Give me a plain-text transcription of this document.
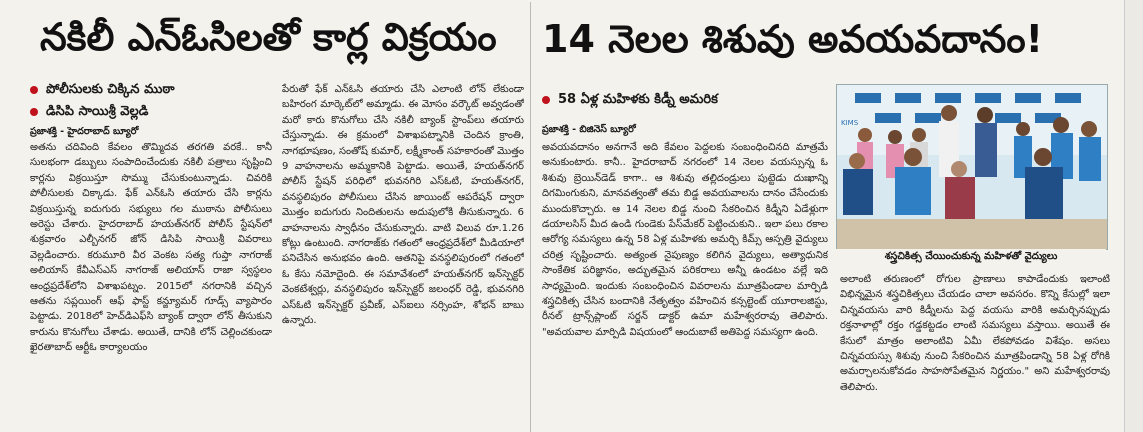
నకిలీ ఎన్‌ఓసిలతో కార్ల విక్రయం
పోలీసులకు చిక్కిన ముఠా
డిసిపి సాయిశ్రీ వెల్లడి
ప్రజాశక్తి - హైదరాబాద్ బ్యూరో

అతను చదివింది కేవలం తొమ్మిదవ తరగతి వరకే.. కానీ సులభంగా డబ్బులు సంపాదించేందుకు నకిలీ పత్రాలు సృష్టించి కార్లను విక్రయిస్తూ సొమ్ము చేసుకుంటున్నాడు. చివరికి పోలీసులకు చిక్కాడు. ఫేక్ ఎన్‌ఓసి తయారు చేసి కార్లను విక్రయిస్తున్న ఐదుగురు సభ్యులు గల ముఠాను పోలీసులు అరెస్టు చేశారు. హైదరాబాద్ హయత్‌నగర్ పోలీస్ స్టేషన్‌లో శుక్రవారం ఎల్బీనగర్ జోన్ డిసిపి సాయిశ్రీ వివరాలు వెల్లడించారు. కరుమూరి వీర వెంకట సత్య గుప్తా నాగరాజ్ అలియాస్ కేవీఎస్ఎస్ నాగరాజ్ అలియాస్ రాజా స్వస్థలం ఆంధ్రప్రదేశ్‌లోని విశాఖపట్నం. 2015లో నగరానికి వచ్చిన ఆతను సప్లయింగ్ ఆఫ్ ఫాస్ట్ కన్జ్యూమర్ గూడ్స్ వ్యాపారం పెట్టాడు. 2018లో హెచ్‌డిఎఫ్‌సి బ్యాంక్ ద్వారా లోన్ తీసుకుని కారును కొనుగోలు చేశాడు. అయితే, దానికి లోన్ చెల్లించకుండా ఖైరతాబాద్ ఆర్టీఓ కార్యాలయం

పేరుతో ఫేక్ ఎన్ఓసి తయారు చేసి ఎలాంటి లోన్ లేకుండా బహిరంగ మార్కెట్‌లో అమ్మాడు. ఈ మోసం వర్కౌట్ అవ్వడంతో మరో కారు కొనుగోలు చేసి నకిలీ బ్యాంక్ స్టాంప్‌లు తయారు చేస్తున్నాడు. ఈ క్రమంలో విశాఖపట్నానికి చెందిన క్రాంతి, నాగభూషణం, సంతోష్ కుమార్, లక్ష్మీకాంత్ సహకారంతో మొత్తం 9 వాహనాలను అమ్మకానికి పెట్టాడు. అయితే, హయత్‌నగర్ పోలీస్ స్టేషన్ పరిధిలో భువనగిరి ఎస్ఓటి, హయత్‌నగర్, వనస్థలిపురం పోలీసులు చేసిన జాయింట్ ఆపరేషన్ ద్వారా మొత్తం ఐదుగురు నిందితులను అదుపులోకి తీసుకున్నారు. 6 వాహనాలను స్వాధీనం చేసుకున్నారు. వాటి విలువ రూ.1.26 కోట్లు ఉంటుంది. నాగరాజ్‌కు గతంలో ఆంధ్రప్రదేశ్‌లో మీడియాలో పనిచేసిన అనుభవం ఉంది. ఆతనిపై వనస్థలిపురంలో గతంలో ఓ కేసు నమోదైంది. ఈ సమావేశంలో హయత్‌నగర్ ఇన్‌స్పెక్టర్ వెంకటేశ్వర్లు, వనస్థలిపురం ఇన్‌స్పెక్టర్ జలంధర్ రెడ్డి, భువనగిరి ఎస్ఓటి ఇన్‌స్పెక్టర్ ప్రవీణ్, ఎస్ఐలు నర్సింహ, శోభన్ బాబు ఉన్నారు.

14 నెలల శిశువు అవయవదానం!
58 ఏళ్ల మహిళకు కిడ్నీ అమరిక
ప్రజాశక్తి - బిజినెస్ బ్యూరో

అవయవదానం అనగానే అది కేవలం పెద్దలకు సంబంధించినది మాత్రమే అనుకుంటారు. కానీ.. హైదరాబాద్ నగరంలో 14 నెలల వయస్సున్న ఓ శిశువు బ్రెయిన్‌డెడ్ కాగా.. ఆ శిశువు తల్లిదండ్రులు పుట్టెడు దుఃఖాన్ని దిగమింగుకుని, మానవత్వంతో తమ బిడ్డ అవయవాలను దానం చేసేందుకు ముందుకొచ్చారు. ఆ 14 నెలల బిడ్డ నుంచి సేకరించిన కిడ్నీని ఏడేళ్లుగా డయాలసిస్ మీద ఉండి గుండెకు పేస్‌మేకర్ పెట్టించుకుని.. ఇలా పలు రకాల ఆరోగ్య సమస్యలు ఉన్న 58 ఏళ్ల మహిళకు అమర్చి కిమ్స్ ఆస్పత్రి వైద్యులు చరిత్ర సృష్టించారు. అత్యంత నైపుణ్యం కలిగిన వైద్యులు, అత్యాధునిక సాంకేతిక పరిజ్ఞానం, అద్భుతమైన పరికరాలు అన్నీ ఉండటం వల్లే ఇది సాధ్యమైంది. ఇందుకు సంబంధించిన వివరాలను మూత్రపిండాల మార్పిడి శస్త్రచికిత్స చేసిన బందానికి నేతృత్వం వహించిన కన్సల్టెంట్ యూరాలజిస్టు, రీనల్ ట్రాన్స్‌ప్లాంట్ సర్జన్ డాక్టర్ ఉమా మహేశ్వరరావు తెలిపారు. "అవయవాల మార్పిడి విషయంలో ఆందుబాటే అతిపెద్ద సమస్యగా ఉంది.

KIMS
శస్త్రచికిత్స చేయించుకున్న మహిళతో వైద్యులు

అలాంటి తరుణంలో రోగుల ప్రాణాలు కాపాడేందుకు ఇలాంటి విభిన్నమైన శస్త్రచికిత్సలు చేయడం చాలా అవసరం. కొన్ని కేసుల్లో ఇలా చిన్నవయసు వారి కిడ్నీలను పెద్ద వయసు వారికి అమర్చినప్పుడు రక్తనాళాల్లో రక్తం గడ్డకట్టడం లాంటి సమస్యలు వస్తాయి. అయితే ఈ కేసులో మాత్రం అలాంటివి ఏమీ లేకపోవడం విశేషం. అసలు చిన్నవయస్సు శిశువు నుంచి సేకరించిన మూత్రపిండాన్ని 58 ఏళ్ల రోగికి అమర్చాలనుకోవడం సాహసోపేతమైన నిర్ణయం." అని మహేశ్వరరావు తెలిపారు.
